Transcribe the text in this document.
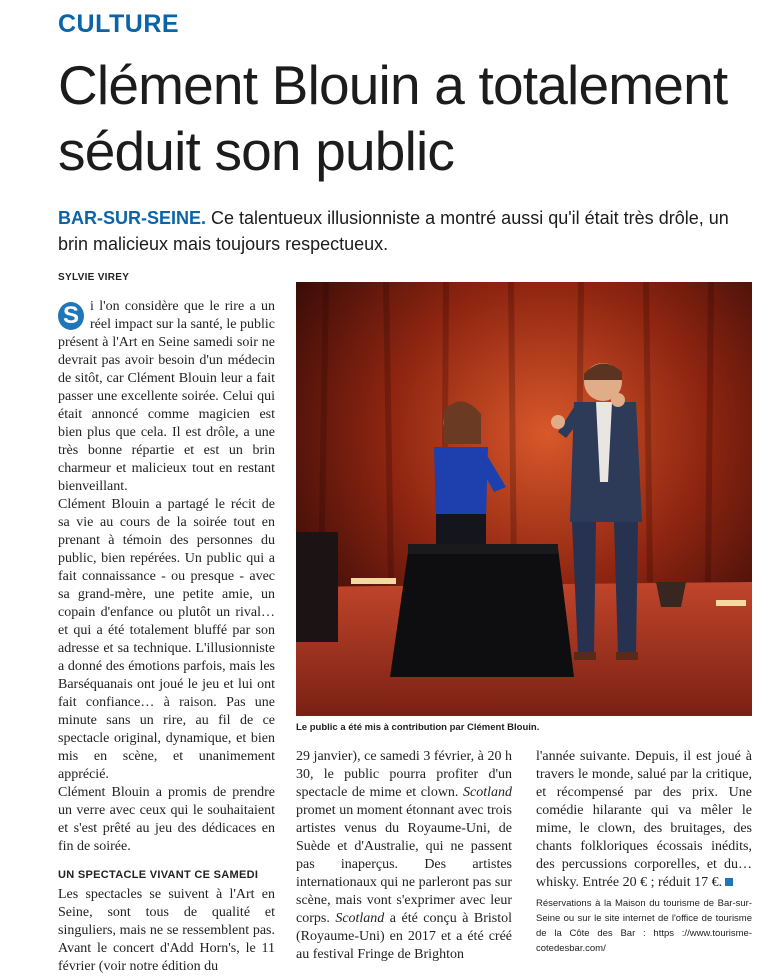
CULTURE
Clément Blouin a totalement
séduit son public
BAR-SUR-SEINE. Ce talentueux illusionniste a montré aussi qu'il était très drôle, un brin malicieux mais toujours respectueux.
SYLVIE VIREY

S i l'on considère que le rire a un réel impact sur la santé, le public présent à l'Art en Seine samedi soir ne devrait pas avoir besoin d'un médecin de sitôt, car Clément Blouin leur a fait passer une excellente soirée. Celui qui était annoncé comme magicien est bien plus que cela. Il est drôle, a une très bonne répartie et est un brin charmeur et malicieux tout en restant bienveillant.

Clément Blouin a partagé le récit de sa vie au cours de la soirée tout en prenant à témoin des personnes du public, bien repérées. Un public qui a fait connaissance - ou presque - avec sa grand-mère, une petite amie, un copain d'enfance ou plutôt un rival… et qui a été totalement bluffé par son adresse et sa technique. L'illusionniste a donné des émotions parfois, mais les Barséquanais ont joué le jeu et lui ont fait confiance… à raison. Pas une minute sans un rire, au fil de ce spectacle original, dynamique, et bien mis en scène, et unanimement apprécié.

Clément Blouin a promis de prendre un verre avec ceux qui le souhaitaient et s'est prêté au jeu des dédicaces en fin de soirée.

UN SPECTACLE VIVANT CE SAMEDI

Les spectacles se suivent à l'Art en Seine, sont tous de qualité et singuliers, mais ne se ressemblent pas. Avant le concert d'Add Horn's, le 11 février (voir notre édition du

Le public a été mis à contribution par Clément Blouin.

29 janvier), ce samedi 3 février, à 20 h 30, le public pourra profiter d'un spectacle de mime et clown. Scotland promet un moment étonnant avec trois artistes venus du Royaume-Uni, de Suède et d'Australie, qui ne passent pas inaperçus. Des artistes internationaux qui ne parleront pas sur scène, mais vont s'exprimer avec leur corps. Scotland a été conçu à Bristol (Royaume-Uni) en 2017 et a été créé au festival Fringe de Brighton

l'année suivante. Depuis, il est joué à travers le monde, salué par la critique, et récompensé par des prix. Une comédie hilarante qui va mêler le mime, le clown, des bruitages, des chants folkloriques écossais inédits, des percussions corporelles, et du… whisky. Entrée 20 € ; réduit 17 €.

Réservations à la Maison du tourisme de Bar-sur-Seine ou sur le site internet de l'office de tourisme de la Côte des Bar : https ://www.tourisme-cotedesbar.com/
